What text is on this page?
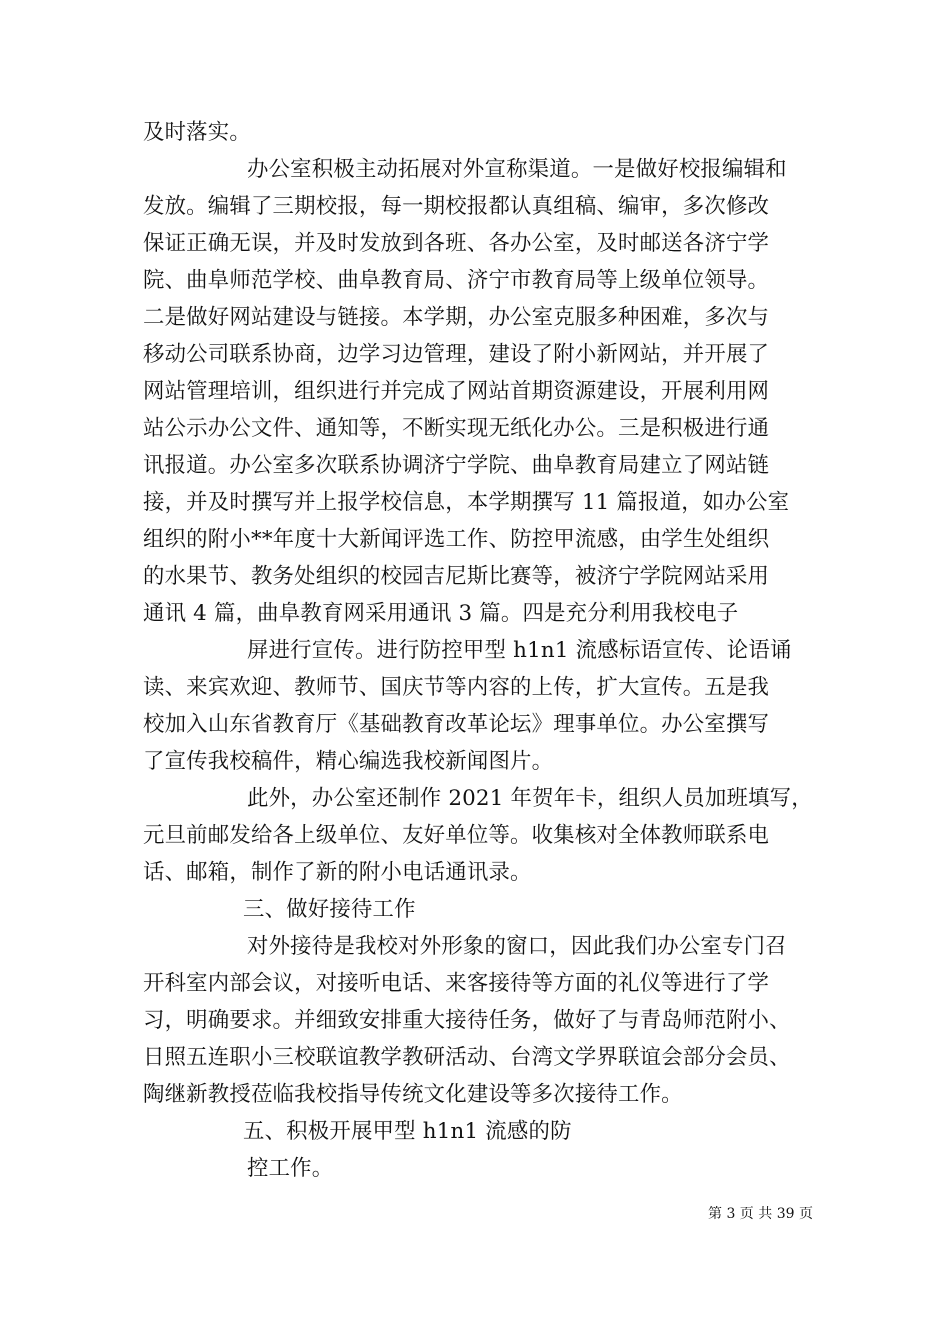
及时落实。
办公室积极主动拓展对外宣称渠道。一是做好校报编辑和
发放。编辑了三期校报，每一期校报都认真组稿、编审，多次修改
保证正确无误，并及时发放到各班、各办公室，及时邮送各济宁学
院、曲阜师范学校、曲阜教育局、济宁市教育局等上级单位领导。
二是做好网站建设与链接。本学期，办公室克服多种困难，多次与
移动公司联系协商，边学习边管理，建设了附小新网站，并开展了
网站管理培训，组织进行并完成了网站首期资源建设，开展利用网
站公示办公文件、通知等，不断实现无纸化办公。三是积极进行通
讯报道。办公室多次联系协调济宁学院、曲阜教育局建立了网站链
接，并及时撰写并上报学校信息，本学期撰写 11 篇报道，如办公室
组织的附小**年度十大新闻评选工作、防控甲流感，由学生处组织
的水果节、教务处组织的校园吉尼斯比赛等，被济宁学院网站采用
通讯 4 篇，曲阜教育网采用通讯 3 篇。四是充分利用我校电子
屏进行宣传。进行防控甲型 h1n1 流感标语宣传、论语诵
读、来宾欢迎、教师节、国庆节等内容的上传，扩大宣传。五是我
校加入山东省教育厅《基础教育改革论坛》理事单位。办公室撰写
了宣传我校稿件，精心编选我校新闻图片。
此外，办公室还制作 2021 年贺年卡，组织人员加班填写，
元旦前邮发给各上级单位、友好单位等。收集核对全体教师联系电
话、邮箱，制作了新的附小电话通讯录。
三、做好接待工作
对外接待是我校对外形象的窗口，因此我们办公室专门召
开科室内部会议，对接听电话、来客接待等方面的礼仪等进行了学
习，明确要求。并细致安排重大接待任务，做好了与青岛师范附小、
日照五连职小三校联谊教学教研活动、台湾文学界联谊会部分会员、
陶继新教授莅临我校指导传统文化建设等多次接待工作。
五、积极开展甲型 h1n1 流感的防
控工作。
第 3 页 共 39 页
